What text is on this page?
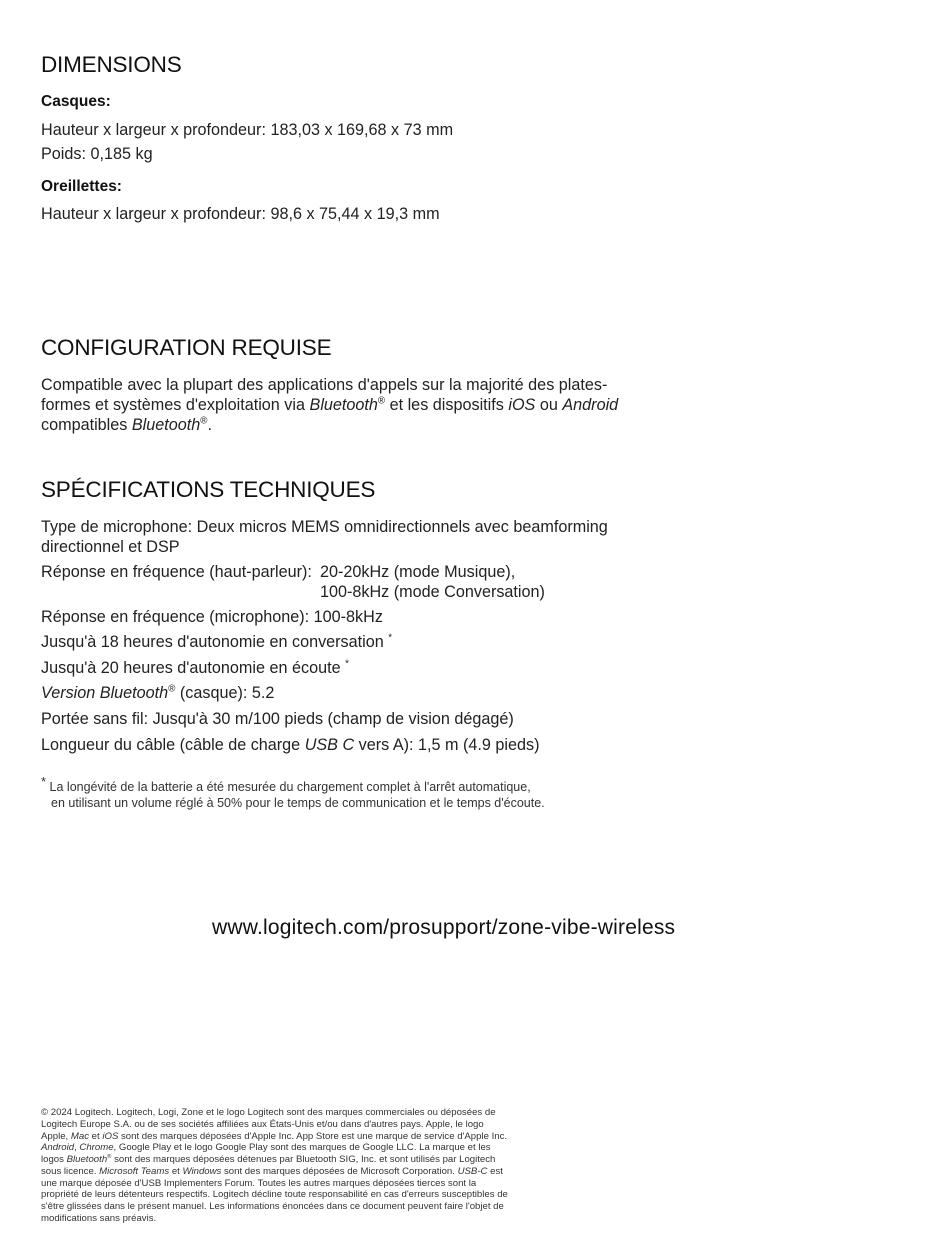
DIMENSIONS

Casques:

Hauteur x largeur x profondeur: 183,03 x 169,68 x 73 mm

Poids: 0,185 kg

Oreillettes:

Hauteur x largeur x profondeur: 98,6 x 75,44 x 19,3 mm

CONFIGURATION REQUISE
Compatible avec la plupart des applications d'appels sur la majorité des plates-
formes et systèmes d'exploitation via Bluetooth® et les dispositifs iOS ou Android
compatibles Bluetooth®.
SPÉCIFICATIONS TECHNIQUES

Type de microphone: Deux micros MEMS omnidirectionnels avec beamforming

directionnel et DSP

Réponse en fréquence (haut-parleur): 20-20kHz (mode Musique),
100-8kHz (mode Conversation)

Réponse en fréquence (microphone): 100-8kHz

Jusqu'à 18 heures d'autonomie en conversation *

Jusqu'à 20 heures d'autonomie en écoute *

Version Bluetooth® (casque): 5.2

Portée sans fil: Jusqu'à 30 m/100 pieds (champ de vision dégagé)

Longueur du câble (câble de charge USB C vers A): 1,5 m (4.9 pieds)

* La longévité de la batterie a été mesurée du chargement complet à l'arrêt automatique,

en utilisant un volume réglé à 50% pour le temps de communication et le temps d'écoute.

www.logitech.com/prosupport/zone-vibe-wireless

© 2024 Logitech. Logitech, Logi, Zone et le logo Logitech sont des marques commerciales ou déposées de Logitech Europe S.A. ou de ses sociétés affiliées aux États-Unis et/ou dans d'autres pays. Apple, le logo Apple, Mac et iOS sont des marques déposées d'Apple Inc. App Store est une marque de service d'Apple Inc. Android, Chrome, Google Play et le logo Google Play sont des marques de Google LLC. La marque et les logos Bluetooth® sont des marques déposées détenues par Bluetooth SIG, Inc. et sont utilisés par Logitech sous licence. Microsoft Teams et Windows sont des marques déposées de Microsoft Corporation. USB-C est une marque déposée d'USB Implementers Forum. Toutes les autres marques déposées tierces sont la propriété de leurs détenteurs respectifs. Logitech décline toute responsabilité en cas d'erreurs susceptibles de s'être glissées dans le présent manuel. Les informations énoncées dans ce document peuvent faire l'objet de modifications sans préavis.
